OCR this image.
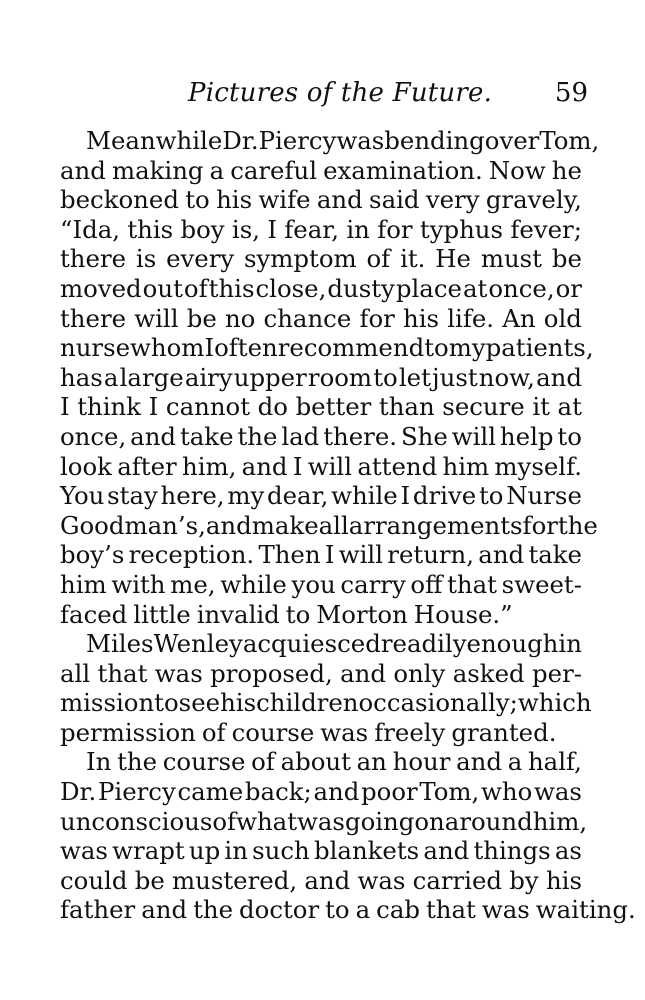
Pictures of the Future. 59
Meanwhile Dr. Piercy was bending over Tom,
and making a careful examination. Now he
beckoned to his wife and said very gravely,
“Ida, this boy is, I fear, in for typhus fever;
there is every symptom of it. He must be
moved out of this close, dusty place at once, or
there will be no chance for his life. An old
nurse whom I often recommend to my patients,
has a large airy upper room to let just now, and
I think I cannot do better than secure it at
once, and take the lad there. She will help to
look after him, and I will attend him myself.
You stay here, my dear, while I drive to Nurse
Goodman’s, and make all arrangements for the
boy’s reception. Then I will return, and take
him with me, while you carry off that sweet-
faced little invalid to Morton House.”
Miles Wenley acquiesced readily enough in
all that was proposed, and only asked per-
mission to see his children occasionally; which
permission of course was freely granted.
In the course of about an hour and a half,
Dr. Piercy came back; and poor Tom, who was
unconscious of what was going on around him,
was wrapt up in such blankets and things as
could be mustered, and was carried by his
father and the doctor to a cab that was waiting.
